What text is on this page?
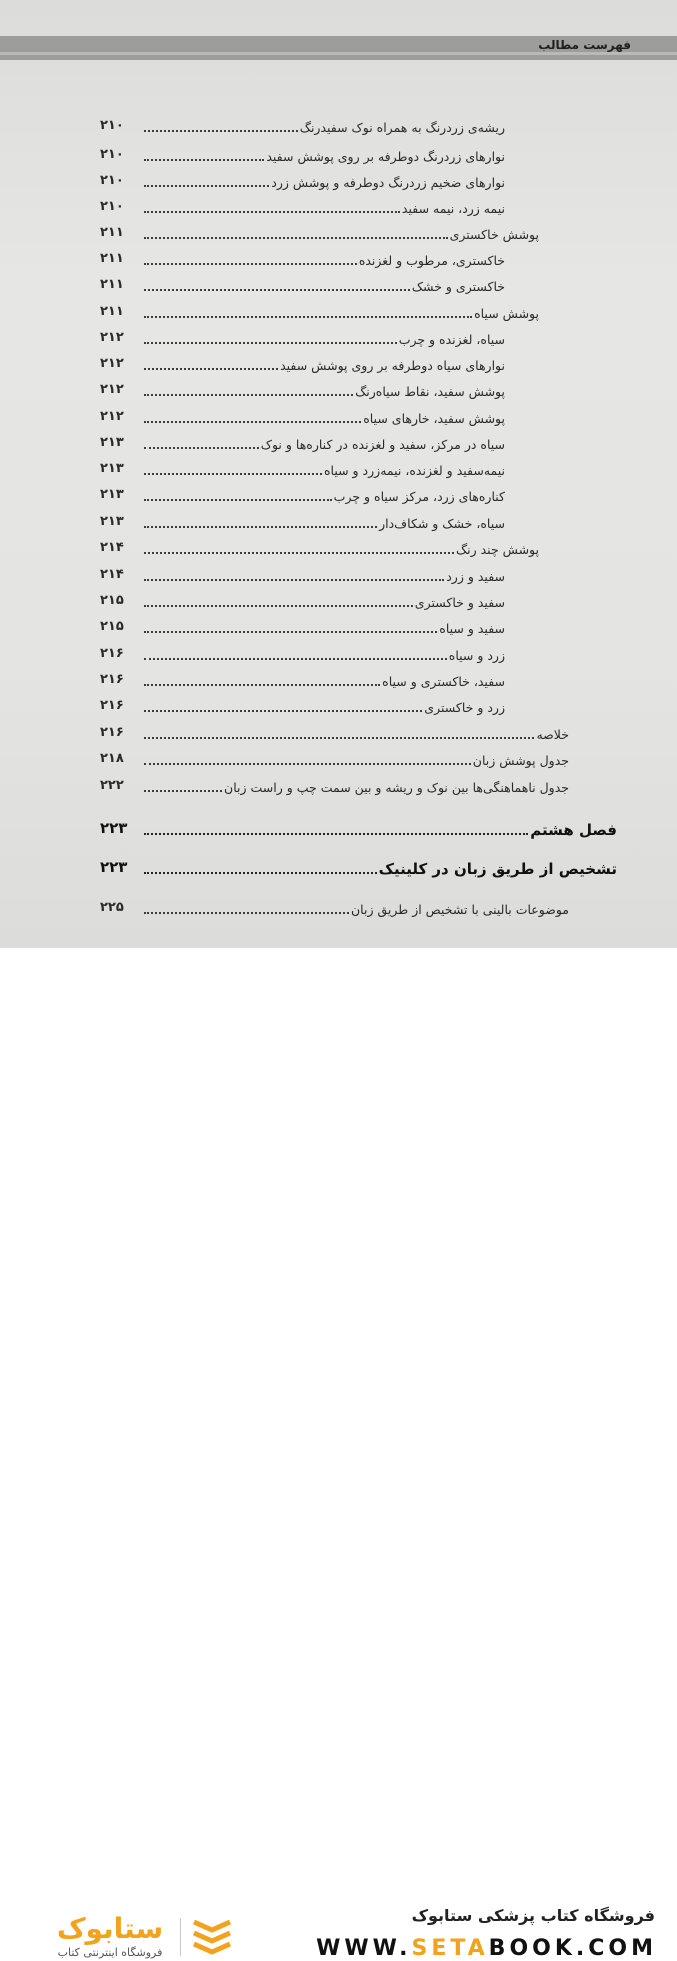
فهرست مطالب
ریشه‌ی زردرنگ به همراه نوک سفیدرنگ
۲۱۰
نوارهای زردرنگ دوطرفه بر روی پوشش سفید
۲۱۰
نوارهای ضخیم زردرنگ دوطرفه و پوشش زرد
۲۱۰
نیمه زرد، نیمه سفید
۲۱۰
پوشش خاکستری
۲۱۱
خاکستری، مرطوب و لغزنده
۲۱۱
خاکستری و خشک
۲۱۱
پوشش سیاه
۲۱۱
سیاه، لغزنده و چرب
۲۱۲
نوارهای سیاه دوطرفه بر روی پوشش سفید
۲۱۲
پوشش سفید، نقاط سیاه‌رنگ
۲۱۲
پوشش سفید، خارهای سیاه
۲۱۲
سیاه در مرکز، سفید و لغزنده در کناره‌ها و نوک
۲۱۳
نیمه‌سفید و لغزنده، نیمه‌زرد و سیاه
۲۱۳
کناره‌های زرد، مرکز سیاه و چرب
۲۱۳
سیاه، خشک و شکاف‌دار
۲۱۳
پوشش چند رنگ
۲۱۴
سفید و زرد
۲۱۴
سفید و خاکستری
۲۱۵
سفید و سیاه
۲۱۵
زرد و سیاه
۲۱۶
سفید، خاکستری و سیاه
۲۱۶
زرد و خاکستری
۲۱۶
خلاصه
۲۱۶
جدول پوشش زبان
۲۱۸
جدول ناهماهنگی‌ها بین نوک و ریشه و بین سمت چپ و راست زبان
۲۲۲
فصل هشتم
۲۲۳
تشخیص از طریق زبان در کلینیک
۲۲۳
موضوعات بالینی با تشخیص از طریق زبان
۲۲۵
ستابوک
فروشگاه اینترنتی کتاب
فروشگاه کتاب پزشکی ستابوک
WWW.SETABOOK.COM
